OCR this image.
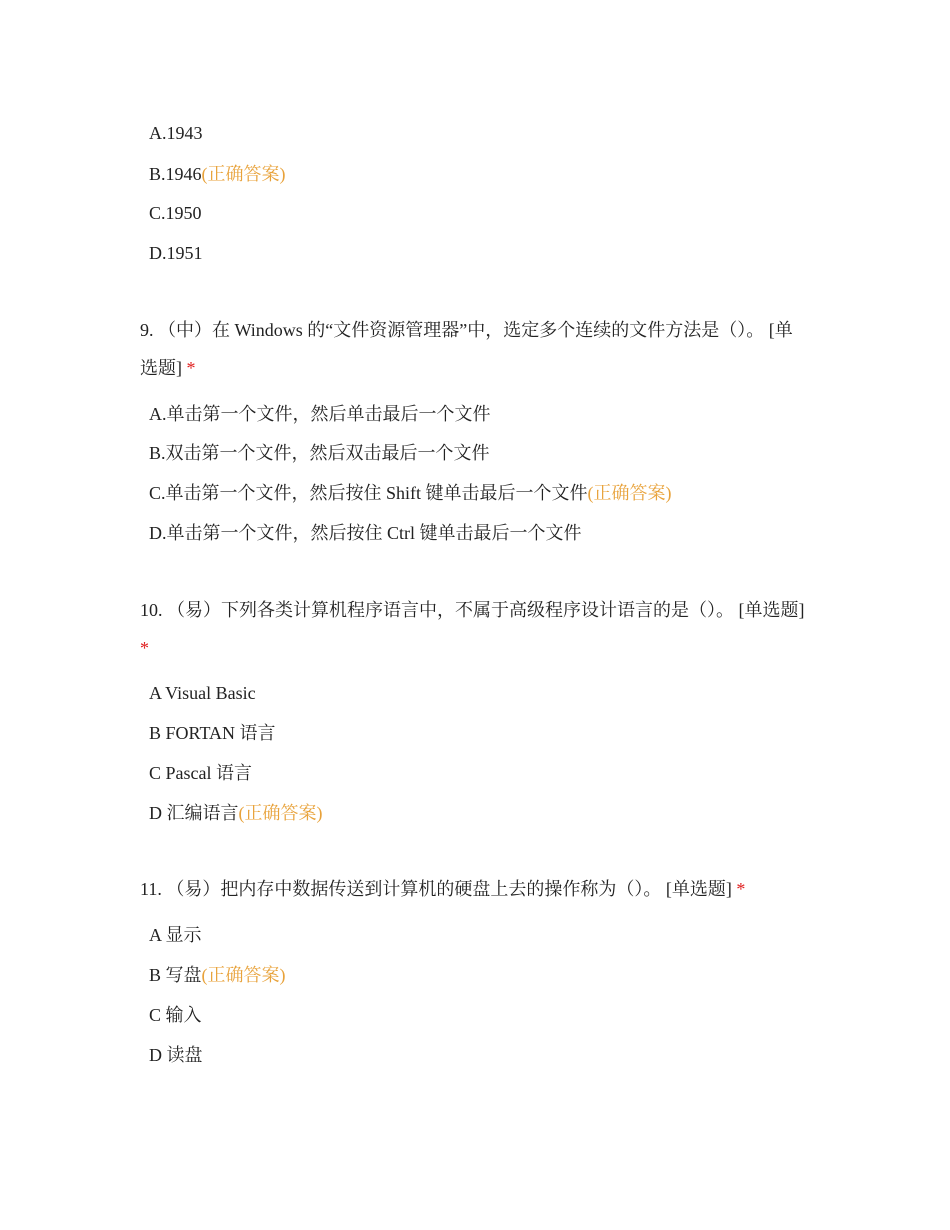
A.1943
B.1946(正确答案)
C.1950
D.1951
9. （中）在 Windows 的“文件资源管理器”中，选定多个连续的文件方法是（）。 [单选题] *
A.单击第一个文件，然后单击最后一个文件
B.双击第一个文件，然后双击最后一个文件
C.单击第一个文件，然后按住 Shift 键单击最后一个文件(正确答案)
D.单击第一个文件，然后按住 Ctrl 键单击最后一个文件
10. （易）下列各类计算机程序语言中，不属于高级程序设计语言的是（）。 [单选题] *
A Visual Basic
B FORTAN 语言
C Pascal 语言
D 汇编语言(正确答案)
11. （易）把内存中数据传送到计算机的硬盘上去的操作称为（）。 [单选题] *
A 显示
B 写盘(正确答案)
C 输入
D 读盘
